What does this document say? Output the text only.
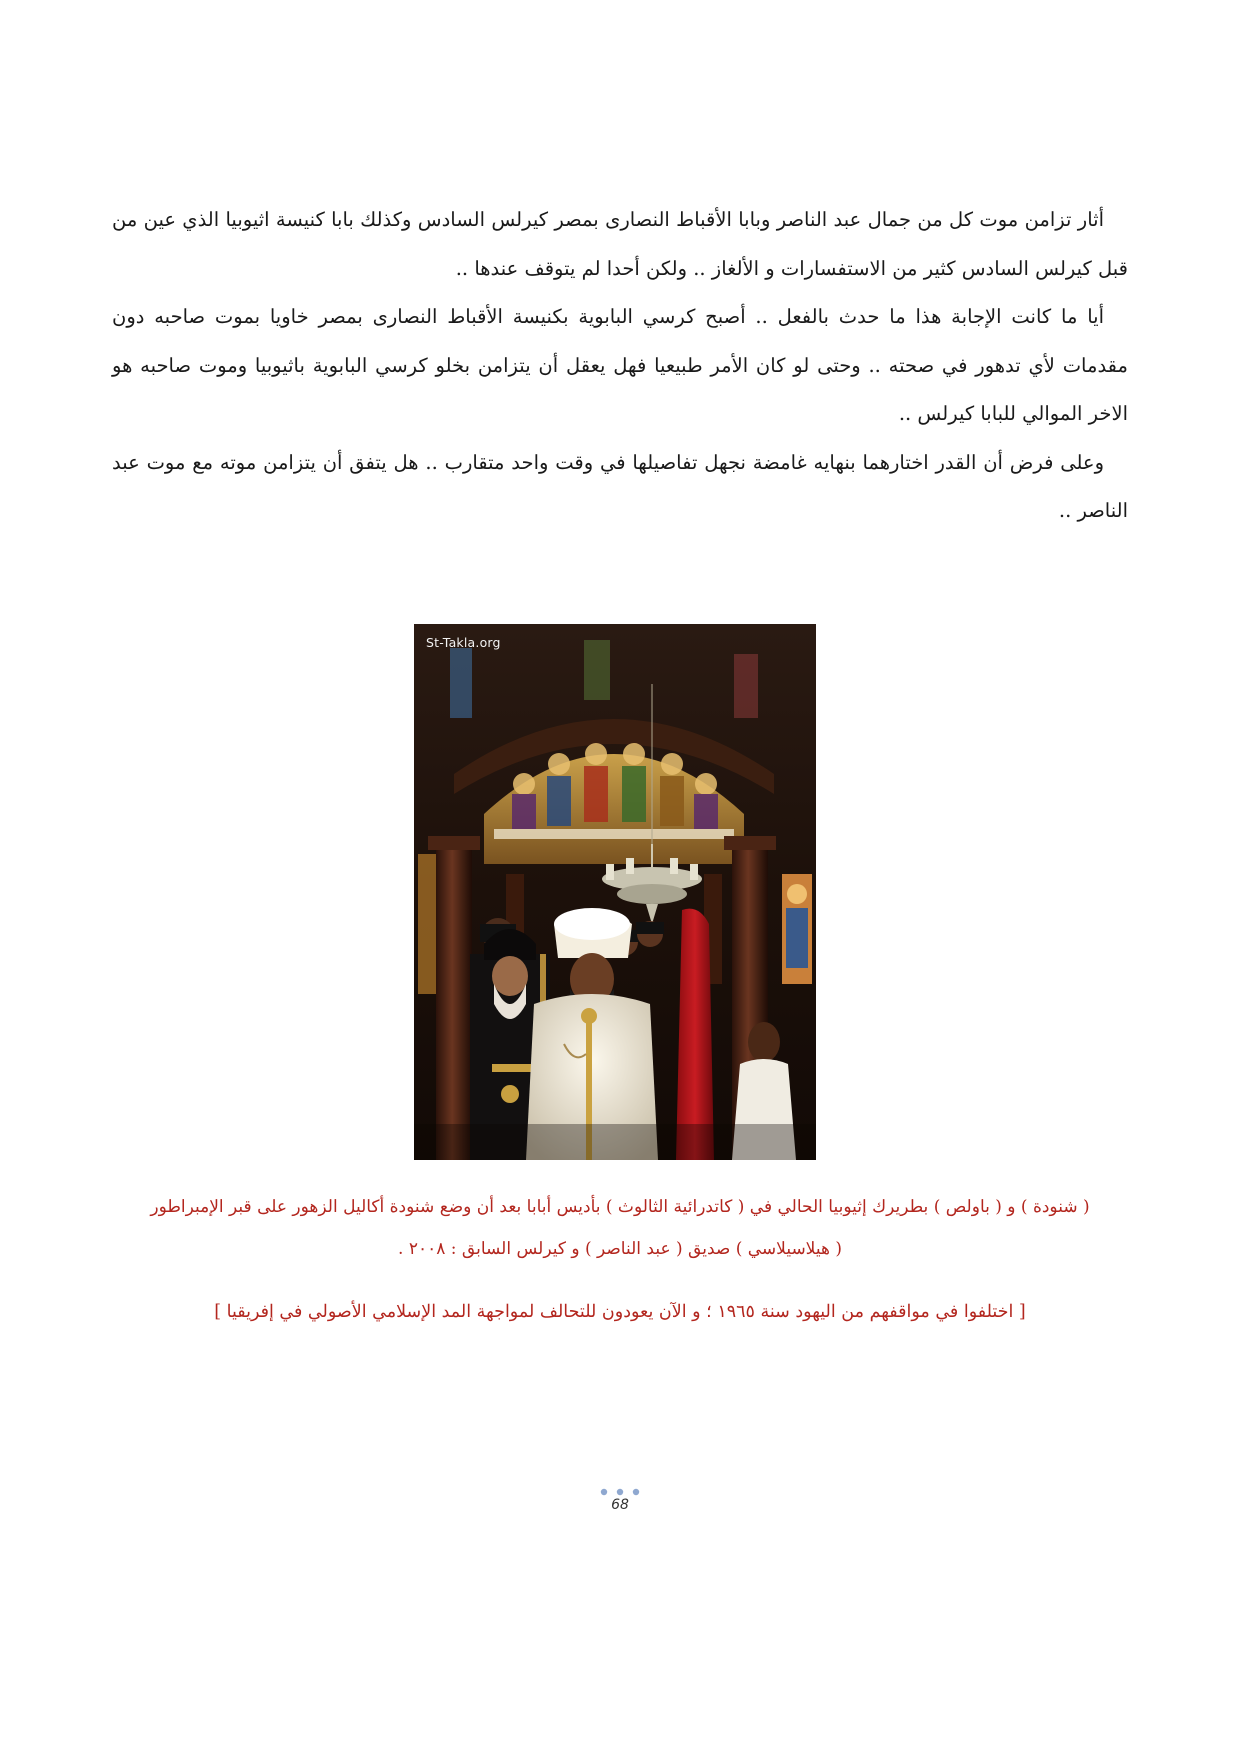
أثار تزامن موت كل من جمال عبد الناصر وبابا الأقباط النصارى بمصر كيرلس السادس وكذلك بابا كنيسة اثيوبيا الذي عين من قبل كيرلس السادس كثير من الاستفسارات و الألغاز .. ولكن أحدا لم يتوقف عندها ..

أيا ما كانت الإجابة هذا ما حدث بالفعل .. أصبح كرسي البابوية بكنيسة الأقباط النصارى بمصر خاويا بموت صاحبه دون مقدمات لأي تدهور في صحته .. وحتى لو كان الأمر طبيعيا فهل يعقل أن يتزامن بخلو كرسي البابوية باثيوبيا وموت صاحبه هو الاخر الموالي للبابا كيرلس ..

وعلى فرض أن القدر اختارهما بنهايه غامضة نجهل تفاصيلها في وقت واحد متقارب .. هل يتفق أن يتزامن موته مع موت عبد الناصر ..

St-Takla.org
( شنودة ) و ( باولص ) بطريرك إثيوبيا الحالي في ( كاتدرائية الثالوث ) بأديس أبابا بعد أن وضع شنودة أكاليل الزهور على قبر الإمبراطور
( هيلاسيلاسي ) صديق ( عبد الناصر ) و كيرلس السابق : ٢٠٠٨ .
[ اختلفوا في مواقفهم من اليهود سنة ١٩٦٥ ؛ و الآن يعودون للتحالف لمواجهة المد الإسلامي الأصولي في إفريقيا ]
68
